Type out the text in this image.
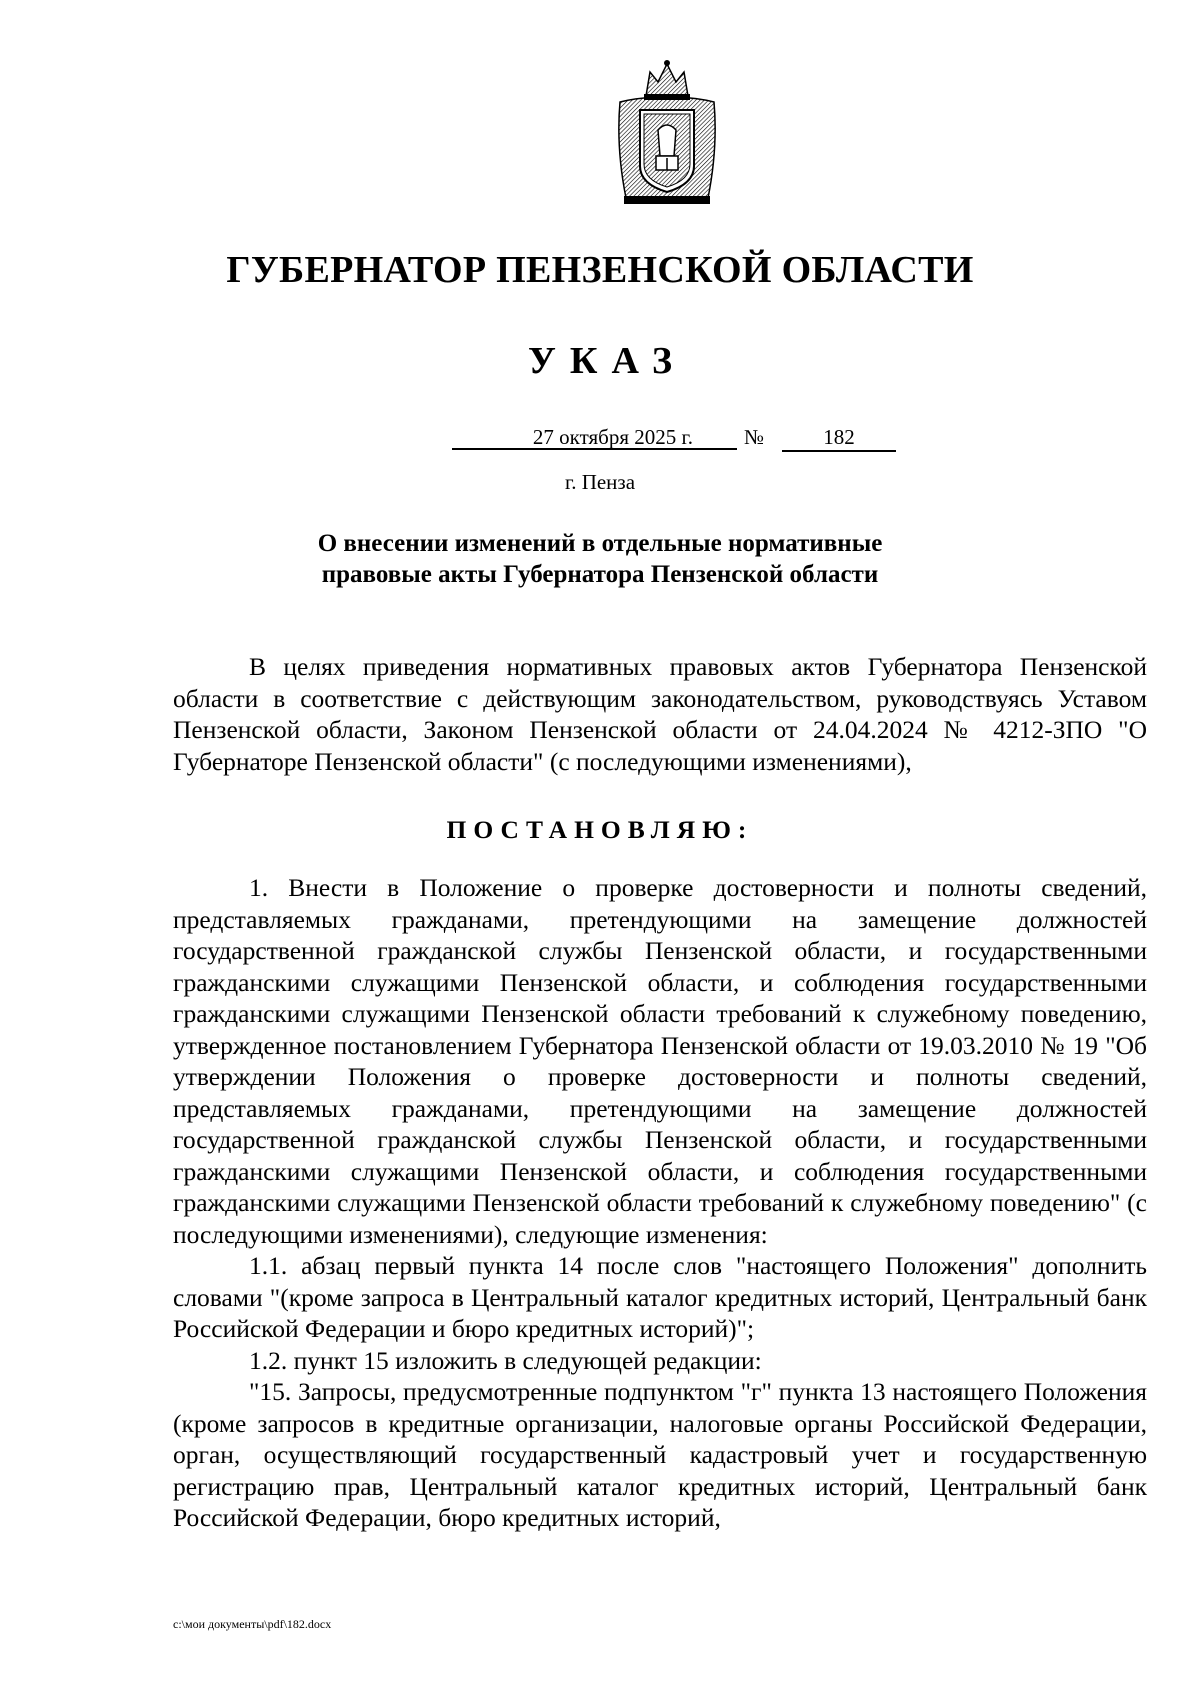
ГУБЕРНАТОР ПЕНЗЕНСКОЙ ОБЛАСТИ
УКАЗ
27 октября 2025 г.	№	182
г. Пенза
О внесении изменений в отдельные нормативные
правовые акты Губернатора Пензенской области

В целях приведения нормативных правовых актов Губернатора Пензенской области в соответствие с действующим законодательством, руководствуясь Уставом Пензенской области, Законом Пензенской области от 24.04.2024 № 4212-ЗПО "О Губернаторе Пензенской области" (с последующими изменениями),

ПОСТАНОВЛЯЮ:

1. Внести в Положение о проверке достоверности и полноты сведений, представляемых гражданами, претендующими на замещение должностей государственной гражданской службы Пензенской области, и государственными гражданскими служащими Пензенской области, и соблюдения государственными гражданскими служащими Пензенской области требований к служебному поведению, утвержденное постановлением Губернатора Пензенской области от 19.03.2010 № 19 "Об утверждении Положения о проверке достоверности и полноты сведений, представляемых гражданами, претендующими на замещение должностей государственной гражданской службы Пензенской области, и государственными гражданскими служащими Пензенской области, и соблюдения государственными гражданскими служащими Пензенской области требований к служебному поведению" (с последующими изменениями), следующие изменения:

1.1. абзац первый пункта 14 после слов "настоящего Положения" дополнить словами "(кроме запроса в Центральный каталог кредитных историй, Центральный банк Российской Федерации и бюро кредитных историй)";

1.2. пункт 15 изложить в следующей редакции:

"15. Запросы, предусмотренные подпунктом "г" пункта 13 настоящего Положения (кроме запросов в кредитные организации, налоговые органы Российской Федерации, орган, осуществляющий государственный кадастровый учет и государственную регистрацию прав, Центральный каталог кредитных историй, Центральный банк Российской Федерации, бюро кредитных историй,

c:\мои документы\pdf\182.docx
